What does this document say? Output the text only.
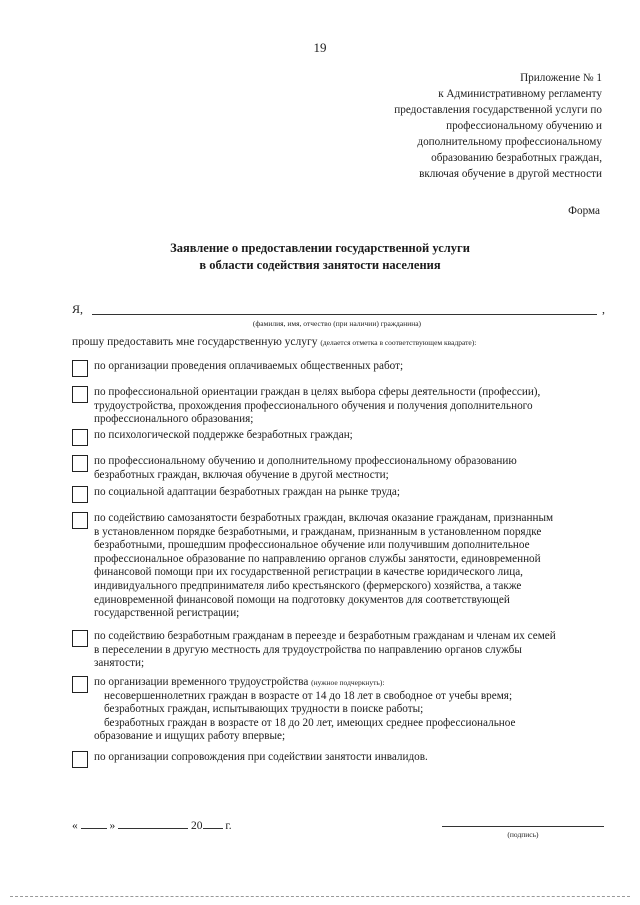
19
Приложение № 1
к Административному регламенту
предоставления государственной услуги по
профессиональному обучению и
дополнительному профессиональному
образованию безработных граждан,
включая обучение в другой местности
Форма
Заявление о предоставлении государственной услуги
в области содействия занятости населения
Я,	,
(фамилия, имя, отчество (при наличии) гражданина)
прошу предоставить мне государственную услугу (делается отметка в соответствующем квадрате):
по организации проведения оплачиваемых общественных работ;
по профессиональной ориентации граждан в целях выбора сферы деятельности (профессии),
трудоустройства, прохождения профессионального обучения и получения дополнительного
профессионального образования;
по психологической поддержке безработных граждан;
по профессиональному обучению и дополнительному профессиональному образованию
безработных граждан, включая обучение в другой местности;
по социальной адаптации безработных граждан на рынке труда;
по содействию самозанятости безработных граждан, включая оказание гражданам, признанным
в установленном порядке безработными, и гражданам, признанным в установленном порядке
безработными, прошедшим профессиональное обучение или получившим дополнительное
профессиональное образование по направлению органов службы занятости, единовременной
финансовой помощи при их государственной регистрации в качестве юридического лица,
индивидуального предпринимателя либо крестьянского (фермерского) хозяйства, а также
единовременной финансовой помощи на подготовку документов для соответствующей
государственной регистрации;
по содействию безработным гражданам в переезде и безработным гражданам и членам их семей
в переселении в другую местность для трудоустройства по направлению органов службы
занятости;
по организации временного трудоустройства (нужное подчеркнуть):
несовершеннолетних граждан в возрасте от 14 до 18 лет в свободное от учебы время;
безработных граждан, испытывающих трудности в поиске работы;
безработных граждан в возрасте от 18 до 20 лет, имеющих среднее профессиональное
образование и ищущих работу впервые;
по организации сопровождения при содействии занятости инвалидов.
«	»	20 г.
(подпись)
